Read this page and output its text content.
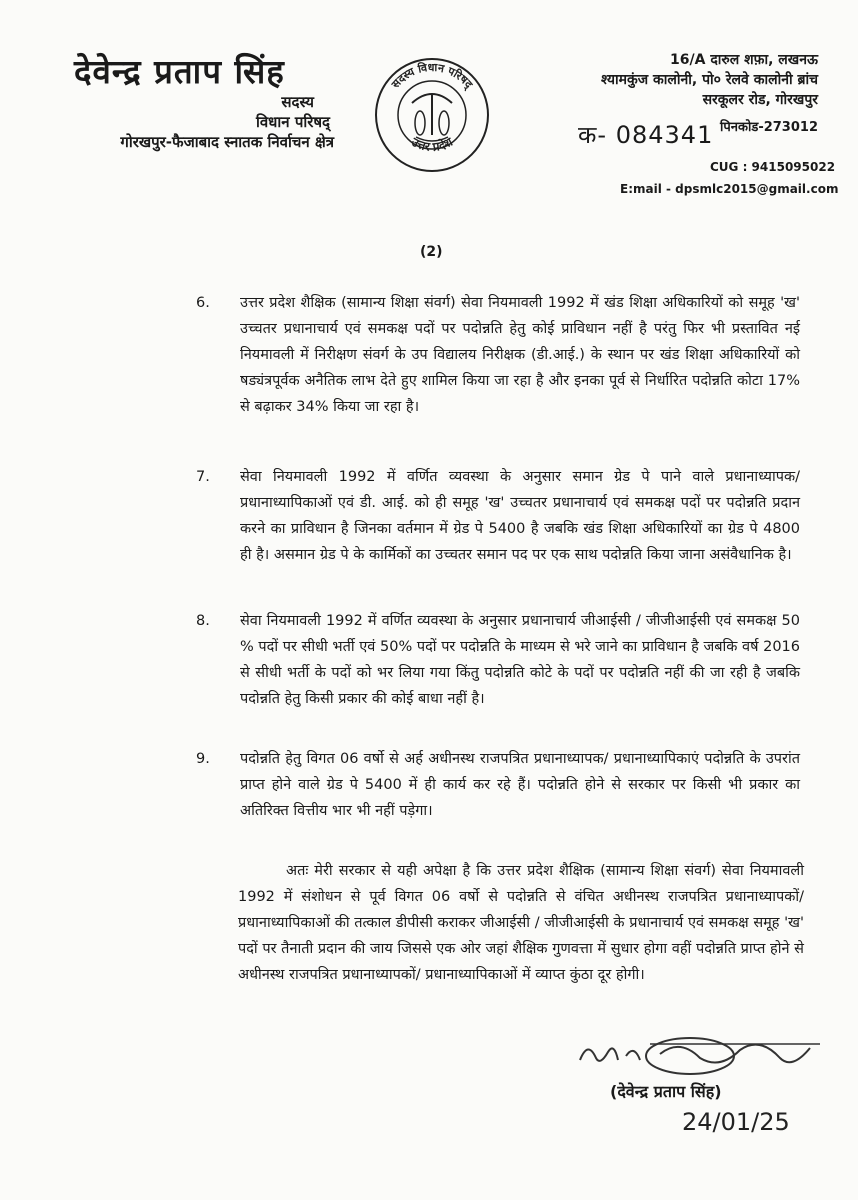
देवेन्द्र प्रताप सिंह
सदस्य
विधान परिषद्
गोरखपुर-फैजाबाद स्नातक निर्वाचन क्षेत्र
सदस्य विधान परिषद्
उत्तर प्रदेश
16/A दारुल शफ़ा, लखनऊ
श्यामकुंज कालोनी, पो० रेलवे कालोनी ब्रांच
सरकूलर रोड, गोरखपुर
क- 084341 पिनकोड-273012
CUG : 9415095022
E:mail - dpsmlc2015@gmail.com
(2)
6. उत्तर प्रदेश शैक्षिक (सामान्य शिक्षा संवर्ग) सेवा नियमावली 1992 में खंड शिक्षा अधिकारियों को समूह 'ख' उच्चतर प्रधानाचार्य एवं समकक्ष पदों पर पदोन्नति हेतु कोई प्राविधान नहीं है परंतु फिर भी प्रस्तावित नई नियमावली में निरीक्षण संवर्ग के उप विद्यालय निरीक्षक (डी.आई.) के स्थान पर खंड शिक्षा अधिकारियों को षड्यंत्रपूर्वक अनैतिक लाभ देते हुए शामिल किया जा रहा है और इनका पूर्व से निर्धारित पदोन्नति कोटा 17% से बढ़ाकर 34% किया जा रहा है।
7. सेवा नियमावली 1992 में वर्णित व्यवस्था के अनुसार समान ग्रेड पे पाने वाले प्रधानाध्यापक/ प्रधानाध्यापिकाओं एवं डी. आई. को ही समूह 'ख' उच्चतर प्रधानाचार्य एवं समकक्ष पदों पर पदोन्नति प्रदान करने का प्राविधान है जिनका वर्तमान में ग्रेड पे 5400 है जबकि खंड शिक्षा अधिकारियों का ग्रेड पे 4800 ही है। असमान ग्रेड पे के कार्मिकों का उच्चतर समान पद पर एक साथ पदोन्नति किया जाना असंवैधानिक है।
8. सेवा नियमावली 1992 में वर्णित व्यवस्था के अनुसार प्रधानाचार्य जीआईसी / जीजीआईसी एवं समकक्ष 50 % पदों पर सीधी भर्ती एवं 50% पदों पर पदोन्नति के माध्यम से भरे जाने का प्राविधान है जबकि वर्ष 2016 से सीधी भर्ती के पदों को भर लिया गया किंतु पदोन्नति कोटे के पदों पर पदोन्नति नहीं की जा रही है जबकि पदोन्नति हेतु किसी प्रकार की कोई बाधा नहीं है।
9. पदोन्नति हेतु विगत 06 वर्षो से अर्ह अधीनस्थ राजपत्रित प्रधानाध्यापक/ प्रधानाध्यापिकाएं पदोन्नति के उपरांत प्राप्त होने वाले ग्रेड पे 5400 में ही कार्य कर रहे हैं। पदोन्नति होने से सरकार पर किसी भी प्रकार का अतिरिक्त वित्तीय भार भी नहीं पड़ेगा।
अतः मेरी सरकार से यही अपेक्षा है कि उत्तर प्रदेश शैक्षिक (सामान्य शिक्षा संवर्ग) सेवा नियमावली 1992 में संशोधन से पूर्व विगत 06 वर्षो से पदोन्नति से वंचित अधीनस्थ राजपत्रित प्रधानाध्यापकों/ प्रधानाध्यापिकाओं की तत्काल डीपीसी कराकर जीआईसी / जीजीआईसी के प्रधानाचार्य एवं समकक्ष समूह 'ख' पदों पर तैनाती प्रदान की जाय जिससे एक ओर जहां शैक्षिक गुणवत्ता में सुधार होगा वहीं पदोन्नति प्राप्त होने से अधीनस्थ राजपत्रित प्रधानाध्यापकों/ प्रधानाध्यापिकाओं में व्याप्त कुंठा दूर होगी।
(देवेन्द्र प्रताप सिंह)
24/01/25
